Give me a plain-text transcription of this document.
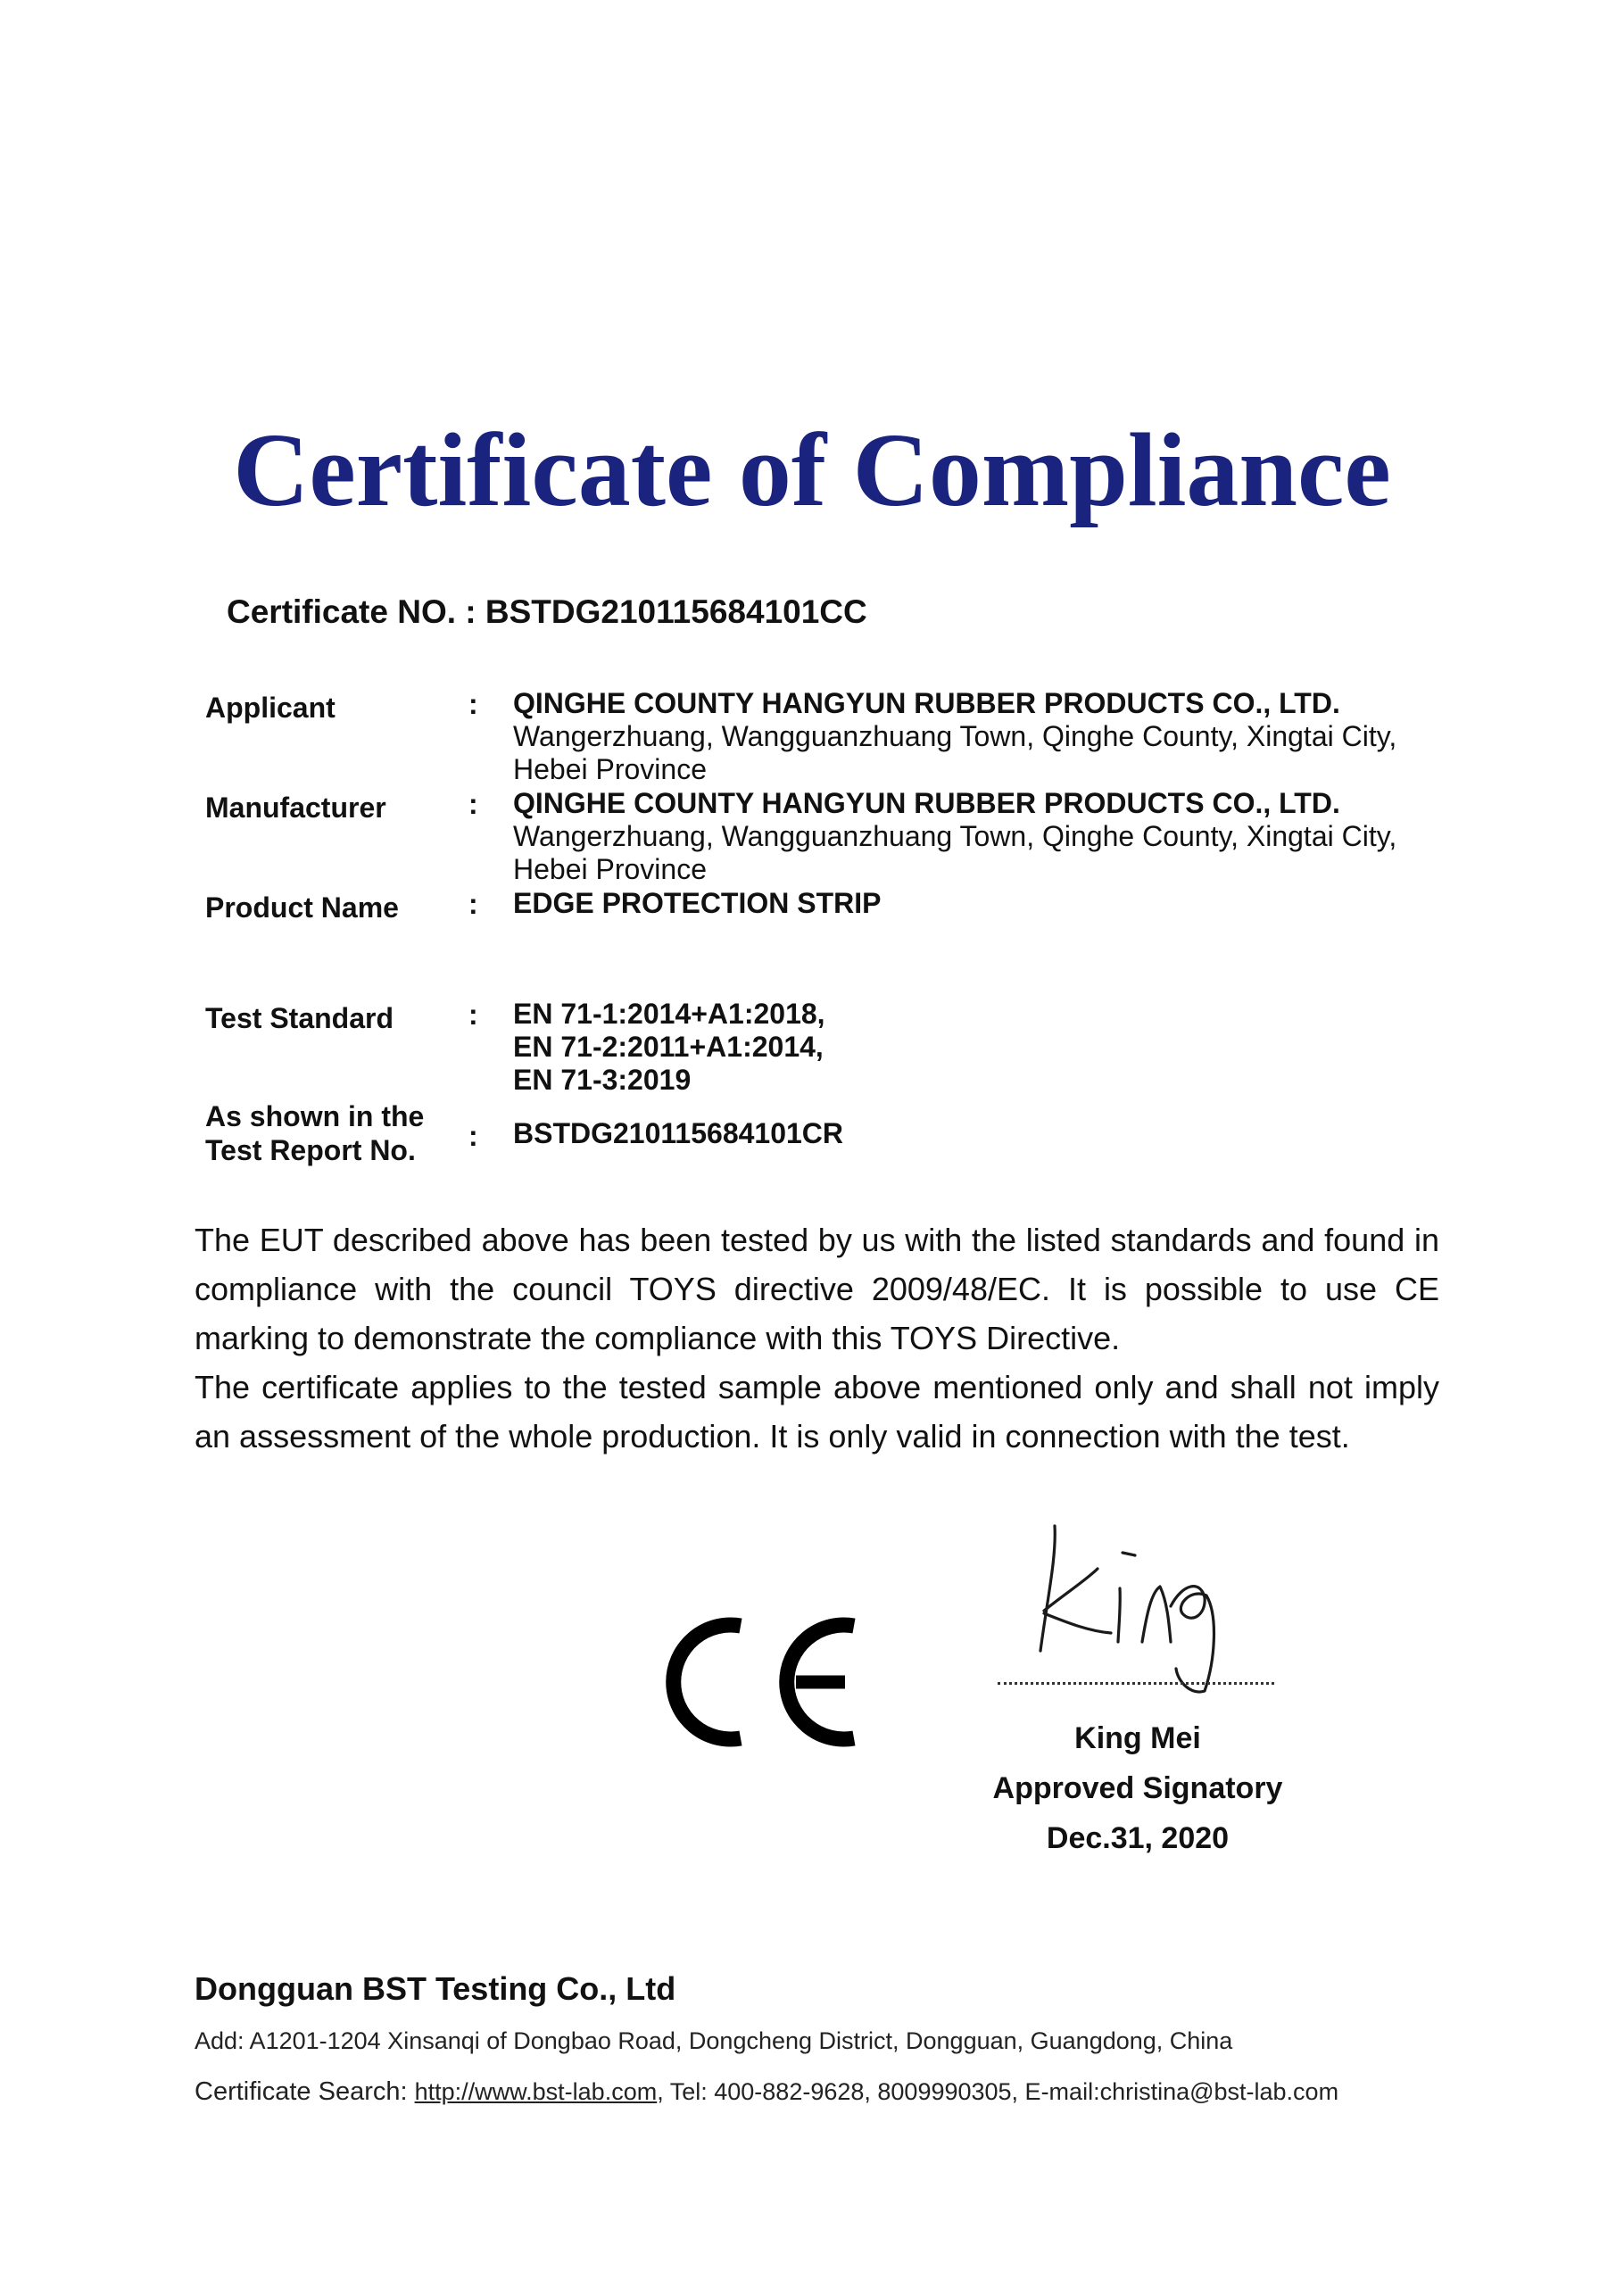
Certificate of Compliance
Certificate NO. : BSTDG210115684101CC
Applicant	: QINGHE COUNTY HANGYUN RUBBER PRODUCTS CO., LTD.
Wangerzhuang, Wangguanzhuang Town, Qinghe County, Xingtai City,
Hebei Province
Manufacturer	: QINGHE COUNTY HANGYUN RUBBER PRODUCTS CO., LTD.
Wangerzhuang, Wangguanzhuang Town, Qinghe County, Xingtai City,
Hebei Province
Product Name	: EDGE PROTECTION STRIP
Test Standard	: EN 71-1:2014+A1:2018,
EN 71-2:2011+A1:2014,
EN 71-3:2019
As shown in the
Test Report No.	: BSTDG210115684101CR

The EUT described above has been tested by us with the listed standards and found in compliance with the council TOYS directive 2009/48/EC. It is possible to use CE marking to demonstrate the compliance with this TOYS Directive.

The certificate applies to the tested sample above mentioned only and shall not imply an assessment of the whole production. It is only valid in connection with the test.

King Mei
Approved Signatory
Dec.31, 2020
Dongguan BST Testing Co., Ltd
Add: A1201-1204 Xinsanqi of Dongbao Road, Dongcheng District, Dongguan, Guangdong, China
Certificate Search: http://www.bst-lab.com, Tel: 400-882-9628, 8009990305, E-mail:christina@bst-lab.com
